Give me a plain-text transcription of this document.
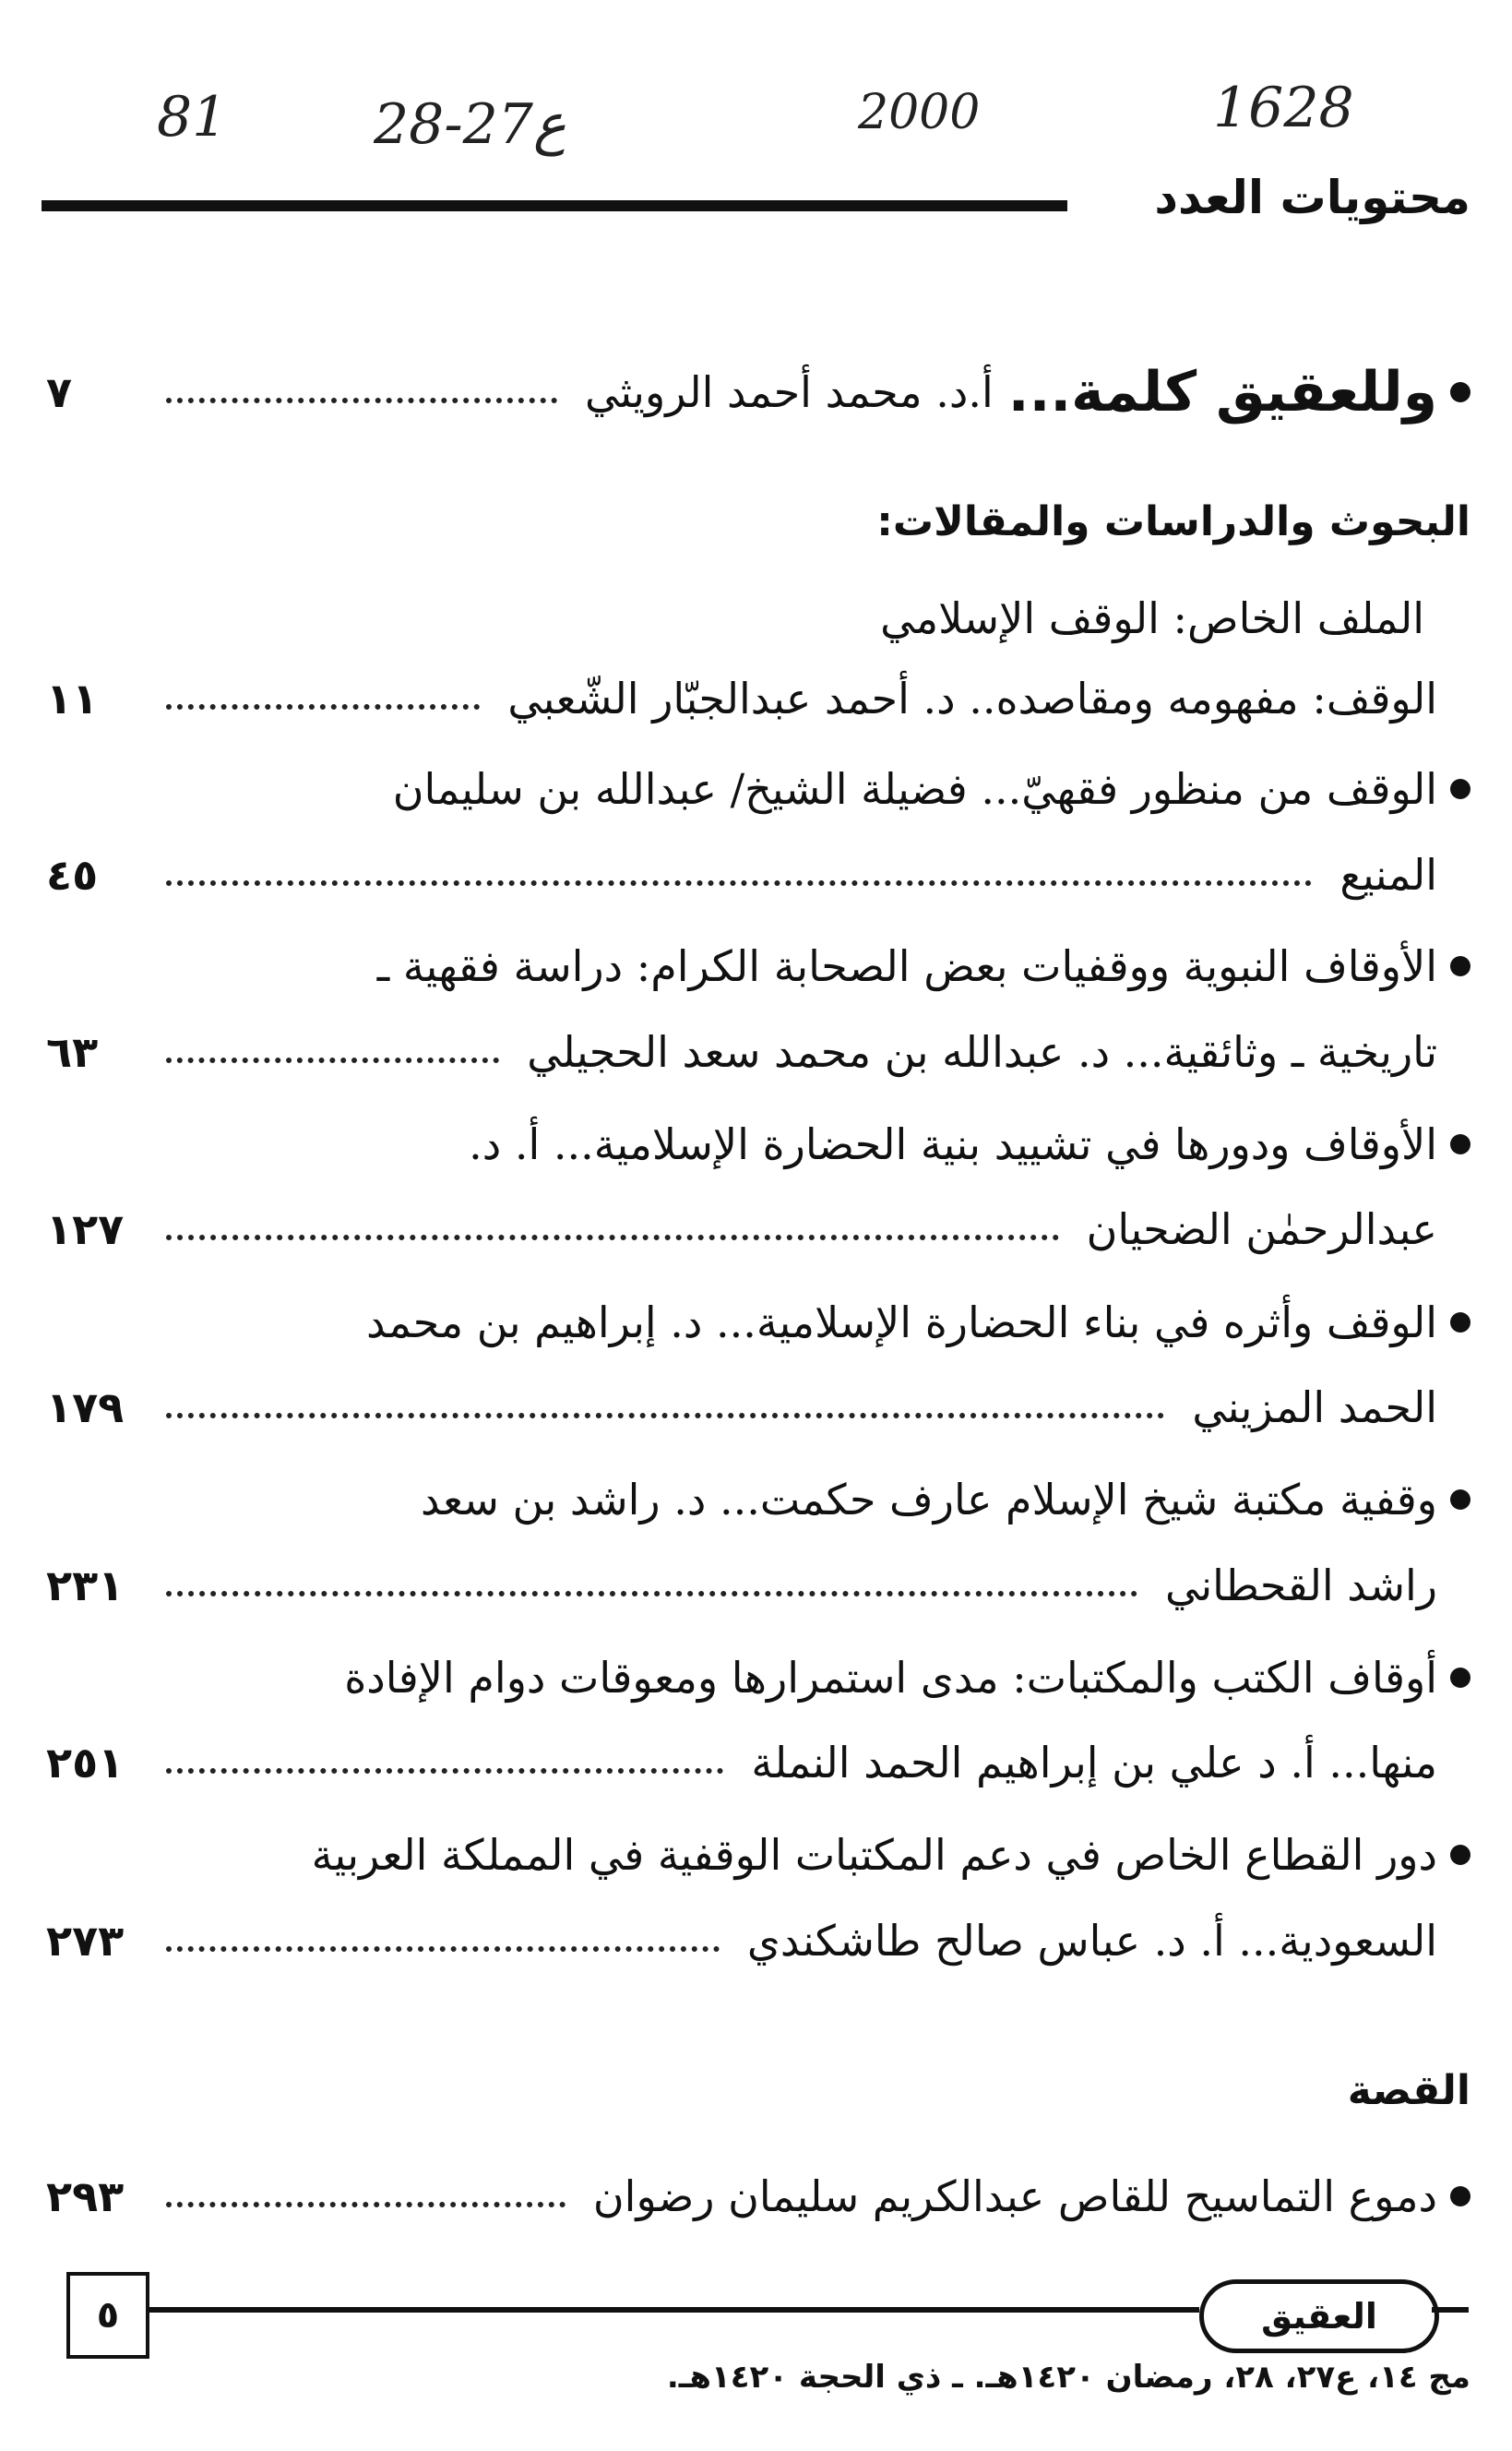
81	28-27ع	2000	1628
محتويات العدد
وللعقيق كلمة...
أ.د. محمد أحمد الرويثي
٧
البحوث والدراسات والمقالات:
الملف الخاص: الوقف الإسلامي
الوقف: مفهومه ومقاصده.. د. أحمد عبدالجبّار الشّعبي
١١
الوقف من منظور فقهيّ... فضيلة الشيخ/ عبدالله بن سليمان
المنيع
٤٥
الأوقاف النبوية ووقفيات بعض الصحابة الكرام: دراسة فقهية ـ
تاريخية ـ وثائقية... د. عبدالله بن محمد سعد الحجيلي
٦٣
الأوقاف ودورها في تشييد بنية الحضارة الإسلامية... أ. د.
عبدالرحمٰن الضحيان
١٢٧
الوقف وأثره في بناء الحضارة الإسلامية... د. إبراهيم بن محمد
الحمد المزيني
١٧٩
وقفية مكتبة شيخ الإسلام عارف حكمت... د. راشد بن سعد
راشد القحطاني
٢٣١
أوقاف الكتب والمكتبات: مدى استمرارها ومعوقات دوام الإفادة
منها... أ. د علي بن إبراهيم الحمد النملة
٢٥١
دور القطاع الخاص في دعم المكتبات الوقفية في المملكة العربية
السعودية... أ. د. عباس صالح طاشكندي
٢٧٣
القصة
دموع التماسيح للقاص عبدالكريم سليمان رضوان
٢٩٣
٥	العقيق
مج ١٤، ع٢٧، ٢٨، رمضان ١٤٢٠هـ. ـ ذي الحجة ١٤٢٠هـ.
